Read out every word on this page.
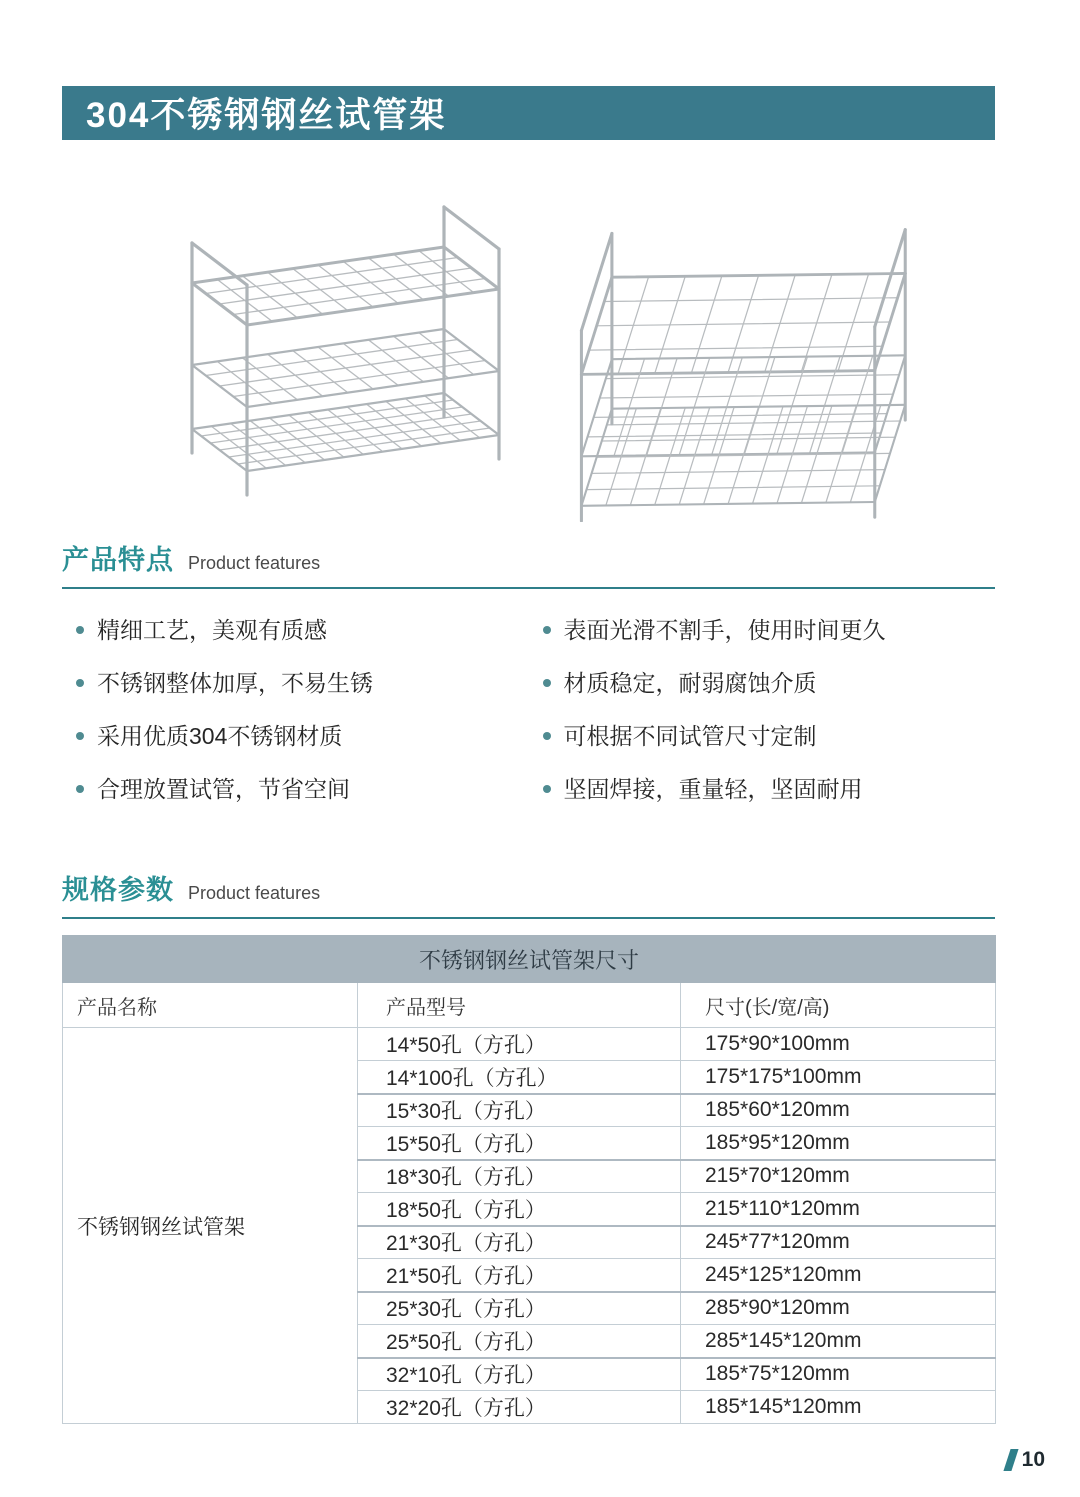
304不锈钢钢丝试管架
产品特点 Product features
精细工艺，美观有质感
不锈钢整体加厚，不易生锈
采用优质304不锈钢材质
合理放置试管，节省空间
表面光滑不割手，使用时间更久
材质稳定，耐弱腐蚀介质
可根据不同试管尺寸定制
坚固焊接，重量轻，坚固耐用
规格参数 Product features
不锈钢钢丝试管架尺寸		
产品名称	产品型号	尺寸(长/宽/高)
不锈钢钢丝试管架	14*50孔（方孔）	175*90*100mm
	14*100孔（方孔）	175*175*100mm
	15*30孔（方孔）	185*60*120mm
	15*50孔（方孔）	185*95*120mm
	18*30孔（方孔）	215*70*120mm
	18*50孔（方孔）	215*110*120mm
	21*30孔（方孔）	245*77*120mm
	21*50孔（方孔）	245*125*120mm
	25*30孔（方孔）	285*90*120mm
	25*50孔（方孔）	285*145*120mm
	32*10孔（方孔）	185*75*120mm
	32*20孔（方孔）	185*145*120mm
10
